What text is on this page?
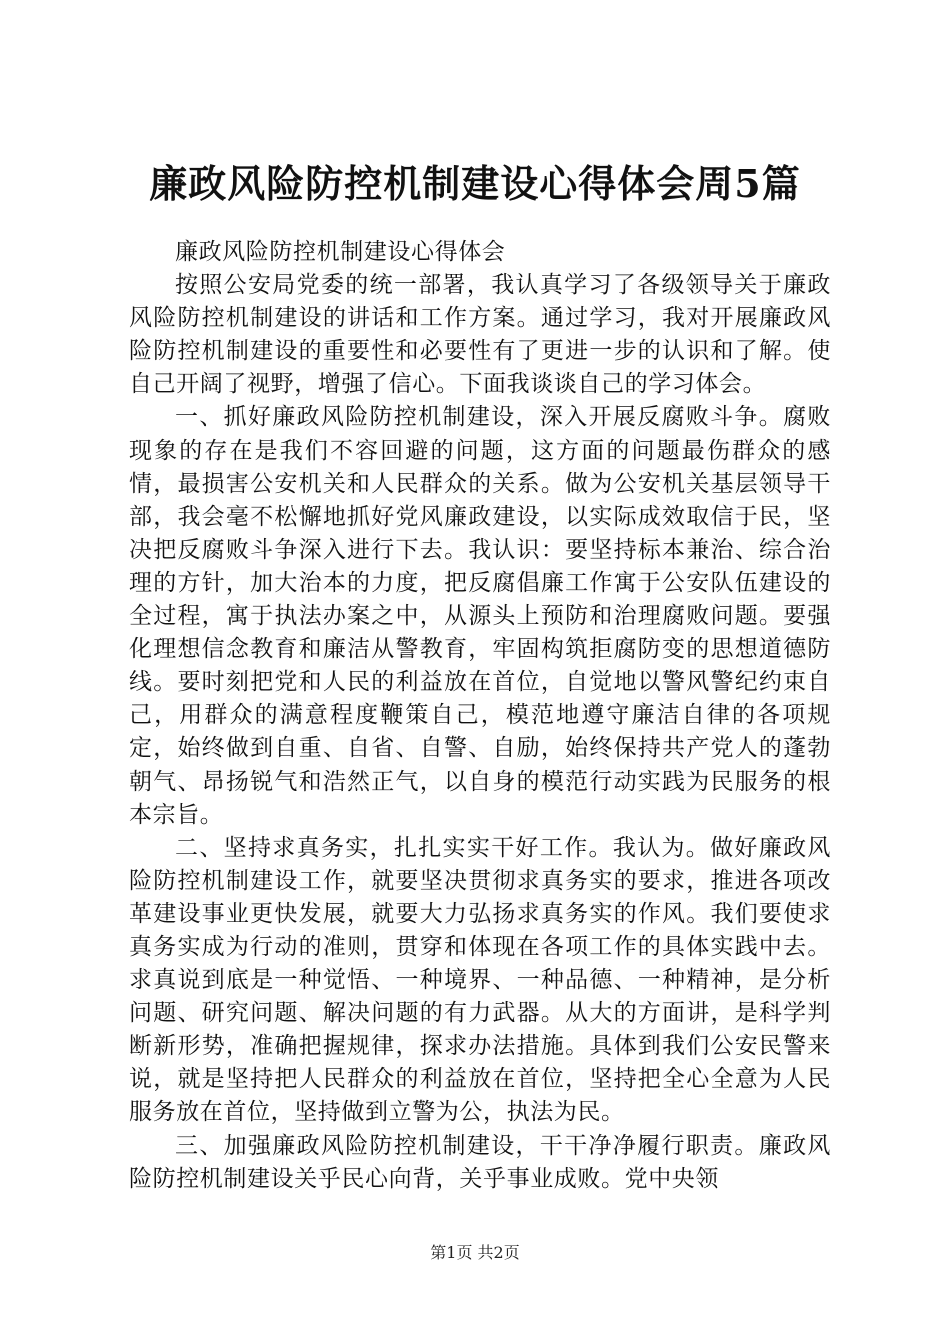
廉政风险防控机制建设心得体会周5篇

廉政风险防控机制建设心得体会

按照公安局党委的统一部署，我认真学习了各级领导关于廉政风险防控机制建设的讲话和工作方案。通过学习，我对开展廉政风险防控机制建设的重要性和必要性有了更进一步的认识和了解。使自己开阔了视野，增强了信心。下面我谈谈自己的学习体会。

一、抓好廉政风险防控机制建设，深入开展反腐败斗争。腐败现象的存在是我们不容回避的问题，这方面的问题最伤群众的感情，最损害公安机关和人民群众的关系。做为公安机关基层领导干部，我会毫不松懈地抓好党风廉政建设，以实际成效取信于民，坚决把反腐败斗争深入进行下去。我认识：要坚持标本兼治、综合治理的方针，加大治本的力度，把反腐倡廉工作寓于公安队伍建设的全过程，寓于执法办案之中，从源头上预防和治理腐败问题。要强化理想信念教育和廉洁从警教育，牢固构筑拒腐防变的思想道德防线。要时刻把党和人民的利益放在首位，自觉地以警风警纪约束自己，用群众的满意程度鞭策自己，模范地遵守廉洁自律的各项规定，始终做到自重、自省、自警、自励，始终保持共产党人的蓬勃朝气、昂扬锐气和浩然正气，以自身的模范行动实践为民服务的根本宗旨。

二、坚持求真务实，扎扎实实干好工作。我认为。做好廉政风险防控机制建设工作，就要坚决贯彻求真务实的要求，推进各项改革建设事业更快发展，就要大力弘扬求真务实的作风。我们要使求真务实成为行动的准则，贯穿和体现在各项工作的具体实践中去。求真说到底是一种觉悟、一种境界、一种品德、一种精神，是分析问题、研究问题、解决问题的有力武器。从大的方面讲，是科学判断新形势，准确把握规律，探求办法措施。具体到我们公安民警来说，就是坚持把人民群众的利益放在首位，坚持把全心全意为人民服务放在首位，坚持做到立警为公，执法为民。

三、加强廉政风险防控机制建设，干干净净履行职责。廉政风险防控机制建设关乎民心向背，关乎事业成败。党中央领

第1页 共2页
